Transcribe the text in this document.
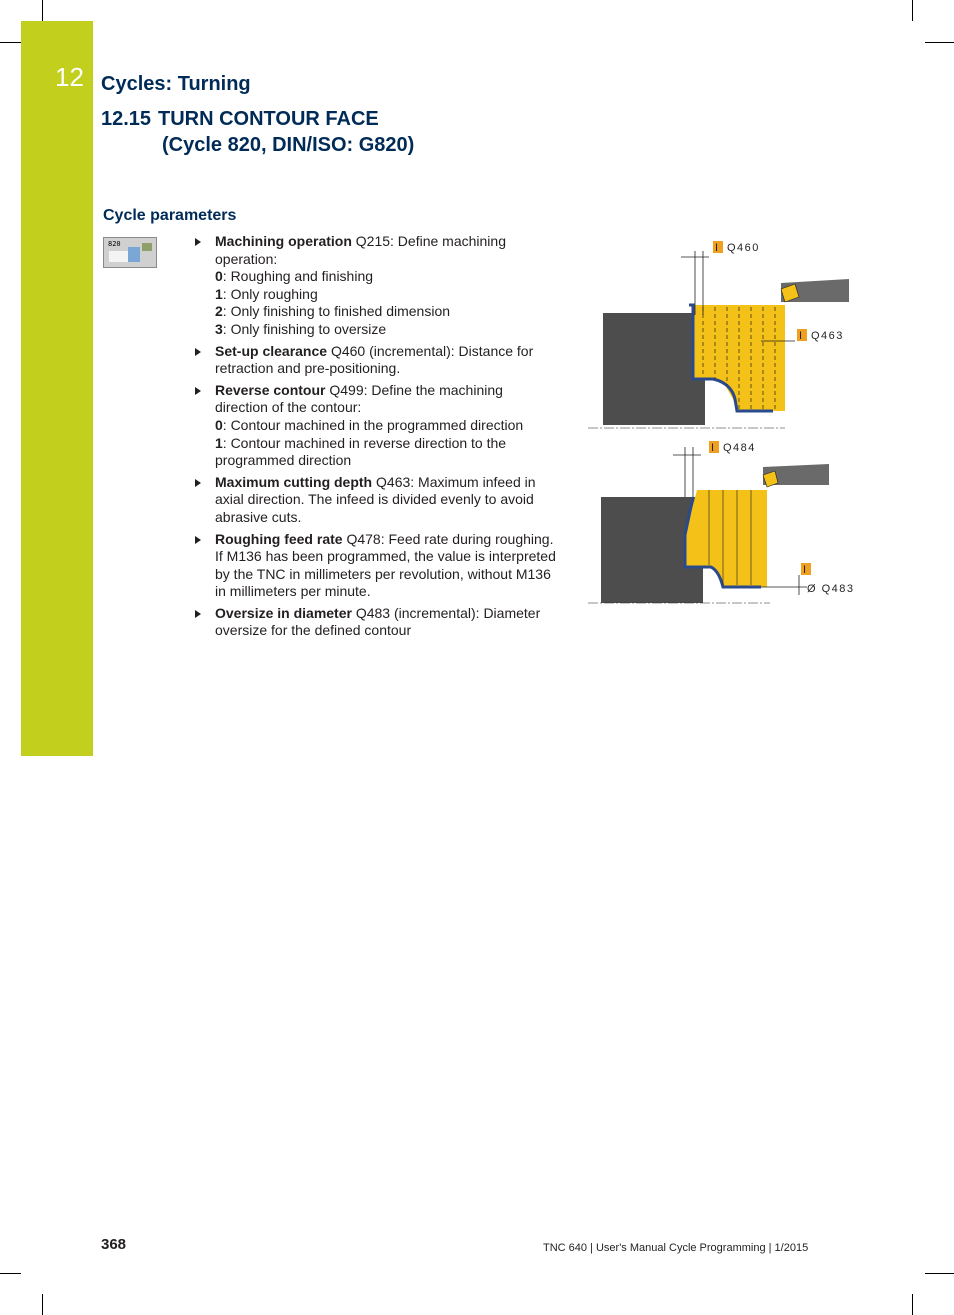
12 Cycles: Turning
12.15 TURN CONTOUR FACE
(Cycle 820, DIN/ISO: G820)
Cycle parameters
820	Machining operation Q215: Define machining operation:
0: Roughing and finishing
1: Only roughing
2: Only finishing to finished dimension
3: Only finishing to oversize
Set-up clearance Q460 (incremental): Distance for retraction and pre-positioning.
Reverse contour Q499: Define the machining direction of the contour:
0: Contour machined in the programmed direction
1: Contour machined in reverse direction to the programmed direction
Maximum cutting depth Q463: Maximum infeed in axial direction. The infeed is divided evenly to avoid abrasive cuts.
Roughing feed rate Q478: Feed rate during roughing. If M136 has been programmed, the value is interpreted by the TNC in millimeters per revolution, without M136 in millimeters per minute.
Oversize in diameter Q483 (incremental): Diameter oversize for the defined contour
I Q460
I Q463
I Q484
I
Ø Q483
368	TNC 640 | User's Manual Cycle Programming | 1/2015
